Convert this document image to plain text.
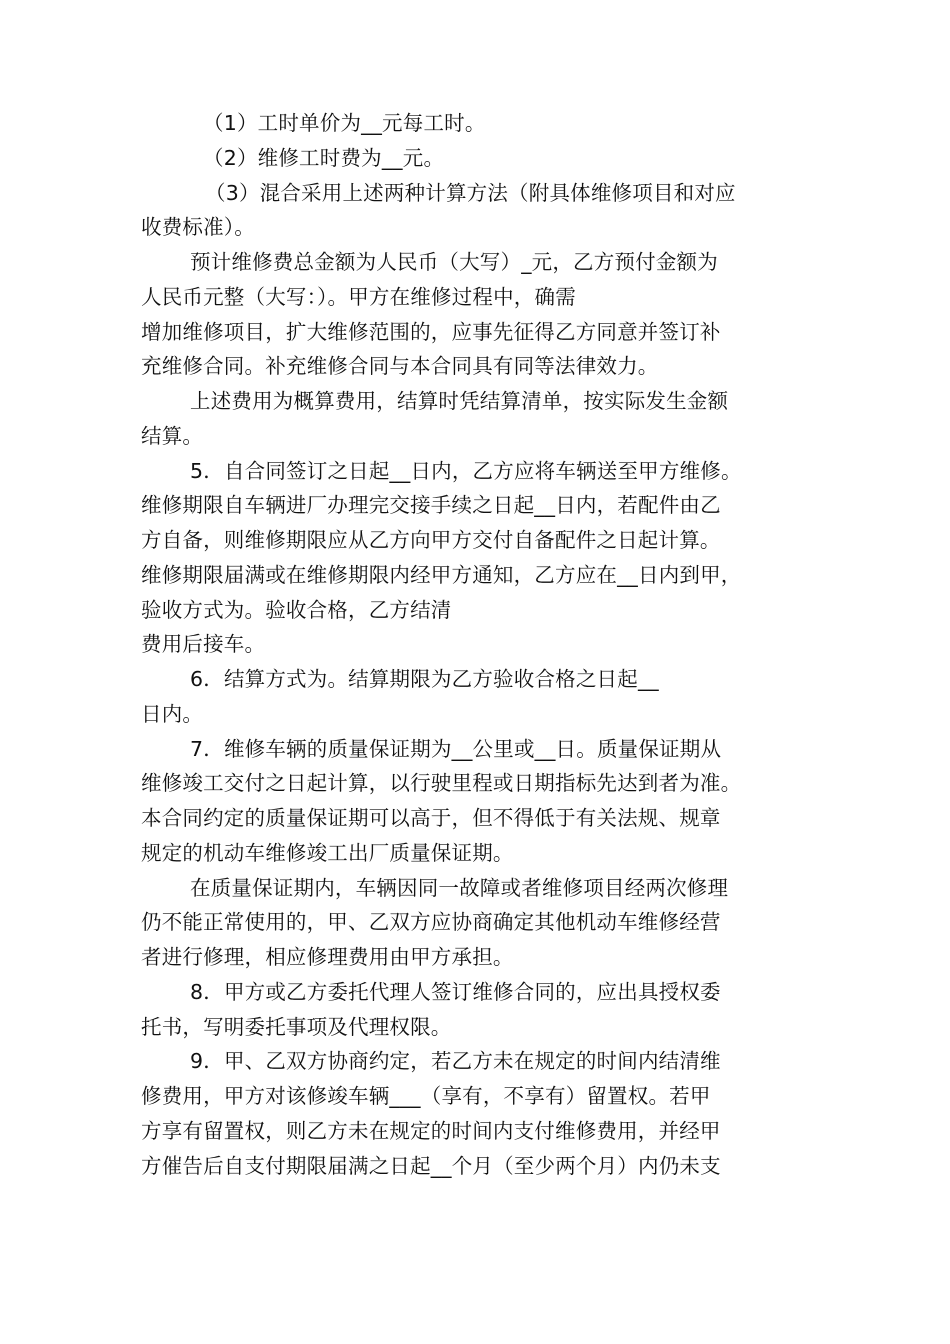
（1）工时单价为__元每工时。
（2）维修工时费为__元。
（3）混合采用上述两种计算方法（附具体维修项目和对应
收费标准）。
预计维修费总金额为人民币（大写）_元，乙方预付金额为
人民币元整（大写：）。甲方在维修过程中，确需
增加维修项目，扩大维修范围的，应事先征得乙方同意并签订补
充维修合同。补充维修合同与本合同具有同等法律效力。
上述费用为概算费用，结算时凭结算清单，按实际发生金额
结算。
5．自合同签订之日起__日内，乙方应将车辆送至甲方维修。
维修期限自车辆进厂办理完交接手续之日起__日内，若配件由乙
方自备，则维修期限应从乙方向甲方交付自备配件之日起计算。
维修期限届满或在维修期限内经甲方通知，乙方应在__日内到甲，
验收方式为。验收合格，乙方结清
费用后接车。
6．结算方式为。结算期限为乙方验收合格之日起__
日内。
7．维修车辆的质量保证期为__公里或__日。质量保证期从
维修竣工交付之日起计算，以行驶里程或日期指标先达到者为准。
本合同约定的质量保证期可以高于，但不得低于有关法规、规章
规定的机动车维修竣工出厂质量保证期。
在质量保证期内，车辆因同一故障或者维修项目经两次修理
仍不能正常使用的，甲、乙双方应协商确定其他机动车维修经营
者进行修理，相应修理费用由甲方承担。
8．甲方或乙方委托代理人签订维修合同的，应出具授权委
托书，写明委托事项及代理权限。
9．甲、乙双方协商约定，若乙方未在规定的时间内结清维
修费用，甲方对该修竣车辆___（享有，不享有）留置权。若甲
方享有留置权，则乙方未在规定的时间内支付维修费用，并经甲
方催告后自支付期限届满之日起__个月（至少两个月）内仍未支
